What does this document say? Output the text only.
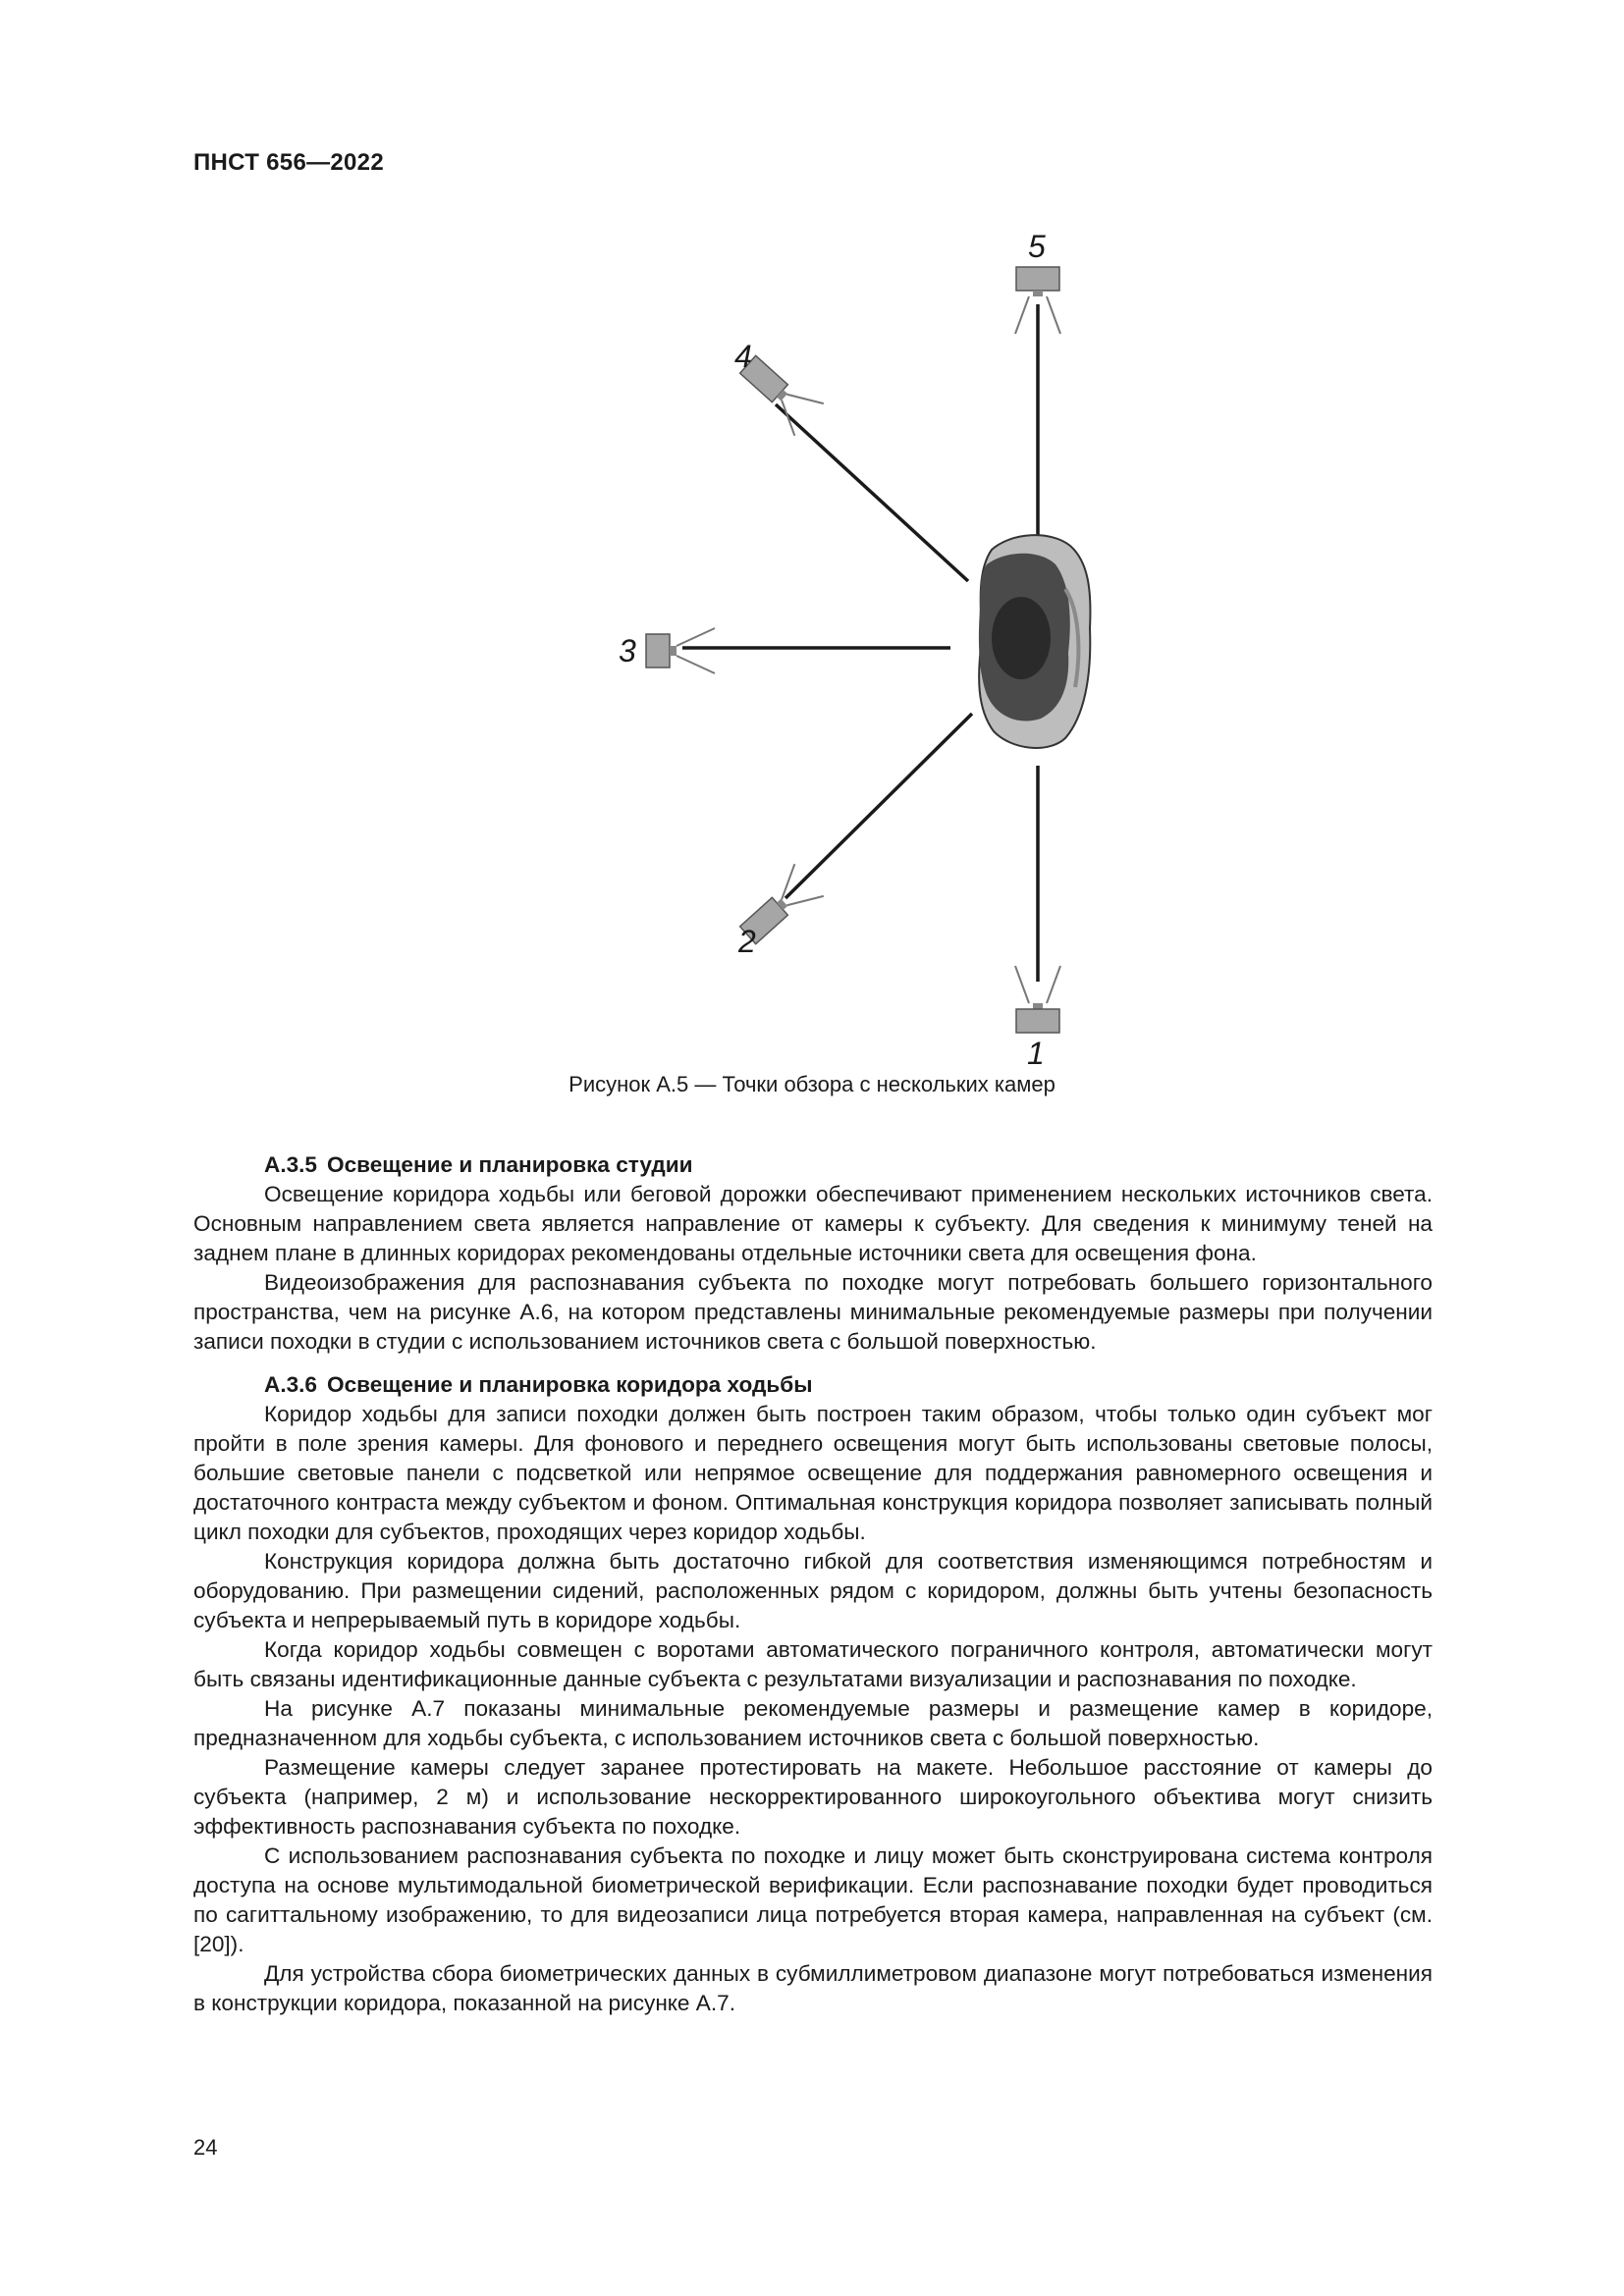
ПНСТ 656—2022
5
4
3
2
1
Рисунок А.5 — Точки обзора с нескольких камер
А.3.5 Освещение и планировка студии

Освещение коридора ходьбы или беговой дорожки обеспечивают применением нескольких источников света. Основным направлением света является направление от камеры к субъекту. Для сведения к минимуму теней на заднем плане в длинных коридорах рекомендованы отдельные источники света для освещения фона.

Видеоизображения для распознавания субъекта по походке могут потребовать большего горизонтального пространства, чем на рисунке А.6, на котором представлены минимальные рекомендуемые размеры при получении записи походки в студии с использованием источников света с большой поверхностью.

А.3.6 Освещение и планировка коридора ходьбы

Коридор ходьбы для записи походки должен быть построен таким образом, чтобы только один субъект мог пройти в поле зрения камеры. Для фонового и переднего освещения могут быть использованы световые полосы, большие световые панели с подсветкой или непрямое освещение для поддержания равномерного освещения и достаточного контраста между субъектом и фоном. Оптимальная конструкция коридора позволяет записывать полный цикл походки для субъектов, проходящих через коридор ходьбы.

Конструкция коридора должна быть достаточно гибкой для соответствия изменяющимся потребностям и оборудованию. При размещении сидений, расположенных рядом с коридором, должны быть учтены безопасность субъекта и непрерываемый путь в коридоре ходьбы.

Когда коридор ходьбы совмещен с воротами автоматического пограничного контроля, автоматически могут быть связаны идентификационные данные субъекта с результатами визуализации и распознавания по походке.

На рисунке А.7 показаны минимальные рекомендуемые размеры и размещение камер в коридоре, предназначенном для ходьбы субъекта, с использованием источников света с большой поверхностью.

Размещение камеры следует заранее протестировать на макете. Небольшое расстояние от камеры до субъекта (например, 2 м) и использование нескорректированного широкоугольного объектива могут снизить эффективность распознавания субъекта по походке.

С использованием распознавания субъекта по походке и лицу может быть сконструирована система контроля доступа на основе мультимодальной биометрической верификации. Если распознавание походки будет проводиться по сагиттальному изображению, то для видеозаписи лица потребуется вторая камера, направленная на субъект (см. [20]).

Для устройства сбора биометрических данных в субмиллиметровом диапазоне могут потребоваться изменения в конструкции коридора, показанной на рисунке А.7.

24
